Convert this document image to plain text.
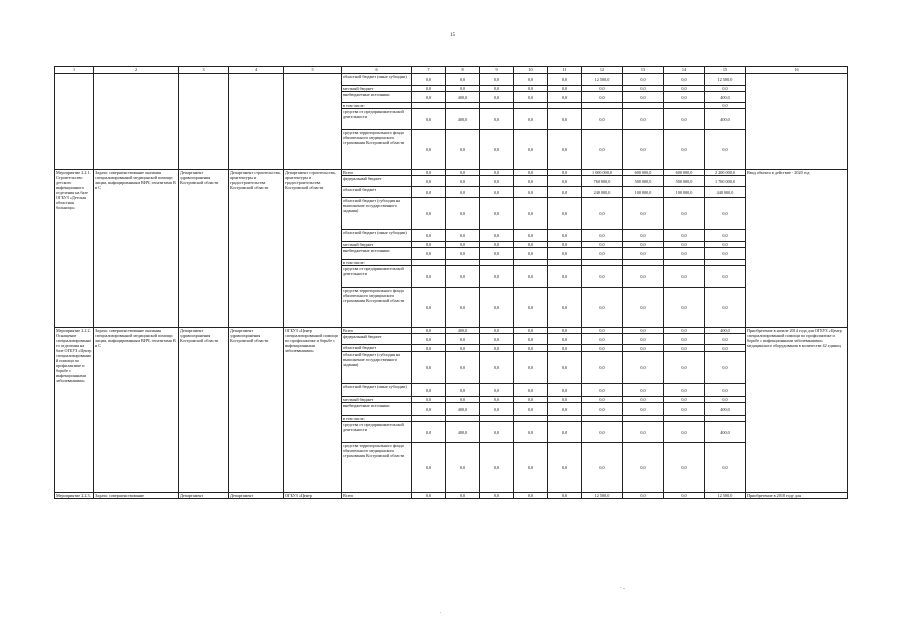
15
1	2	3	4	5	6	7	8	9	10	11	12	13	14	15	16
					областной бюджет (иные субсидии)	0,0	0,0	0,0	0,0	0,0	12 500,0	0,0	0,0	12 500,0	
					местный бюджет	0,0	0,0	0,0	0,0	0,0	0,0	0,0	0,0	0,0	
					внебюджетные источники	0,0	400,0	0,0	0,0	0,0	0,0	0,0	0,0	400,0	
					в том числе:									0,0	
					средства от предпринимательской деятельности	0,0	400,0	0,0	0,0	0,0	0,0	0,0	0,0	400,0	
					средства территориального фонда обязательного медицинского страхования Костромской области	0,0	0,0	0,0	0,0	0,0	0,0	0,0	0,0	0,0	
Мероприятие 2.2.1. Строительство детского инфекционного отделения на базе ОГБУЗ «Детская областная больница»	Задача: совершенствование оказания специализированной медицинской помощи лицам, инфицированным ВИЧ, гепатитами В и С	Департамент здравоохранения Костромской области	Департамент строительства, архитектуры и градостроительства Костромской области	Департамент строительства, архитектуры и градостроительства Костромской области	Всего	0,0	0,0	0,0	0,0	0,0	1 000 000,0	600 000,0	600 000,0	2 200 000,0	Ввод объекта в действие - 2020 год
					федеральный бюджет	0,0	0,0	0,0	0,0	0,0	760 000,0	500 000,0	500 000,0	1 760 000,0	
					областной бюджет	0,0	0,0	0,0	0,0	0,0	240 000,0	100 000,0	100 000,0	440 000,0	
					областной бюджет (субсидия на выполнение государственного задания)	0,0	0,0	0,0	0,0	0,0	0,0	0,0	0,0	0,0	
					областной бюджет (иные субсидии)	0,0	0,0	0,0	0,0	0,0	0,0	0,0	0,0	0,0	
					местный бюджет	0,0	0,0	0,0	0,0	0,0	0,0	0,0	0,0	0,0	
					внебюджетные источники	0,0	0,0	0,0	0,0	0,0	0,0	0,0	0,0	0,0	
					в том числе:										
					средства от предпринимательской деятельности	0,0	0,0	0,0	0,0	0,0	0,0	0,0	0,0	0,0	
					средства территориального фонда обязательного медицинского страхования Костромской области	0,0	0,0	0,0	0,0	0,0	0,0	0,0	0,0	0,0	
Мероприятие 2.2.2. Оснащение специализированного отделения на базе ОГБУЗ «Центр специализированной помощи по профилактике и борьбе с инфекционными заболеваниями»	Задача: совершенствование оказания специализированной медицинской помощи лицам, инфицированным ВИЧ, гепатитами В и С	Департамент здравоохранения Костромской области	Департамент здравоохранения Костромской области	ОГБУЗ «Центр специализированной помощи по профилактике и борьбе с инфекционными заболеваниями»	Всего	0,0	400,0	0,0	0,0	0,0	0,0	0,0	0,0	400,0	Приобретение в начале 2014 года для ОГБУЗ «Центр специализированной помощи по профилактике и борьбе с инфекционными заболеваниями» медицинского оборудования в количестве 42 единиц
					федеральный бюджет	0,0	0,0	0,0	0,0	0,0	0,0	0,0	0,0	0,0	
					областной бюджет	0,0	0,0	0,0	0,0	0,0	0,0	0,0	0,0	0,0	
					областной бюджет (субсидия на выполнение государственного задания)	0,0	0,0	0,0	0,0	0,0	0,0	0,0	0,0	0,0	
					областной бюджет (иные субсидии)	0,0	0,0	0,0	0,0	0,0	0,0	0,0	0,0	0,0	
					местный бюджет	0,0	0,0	0,0	0,0	0,0	0,0	0,0	0,0	0,0	
					внебюджетные источники	0,0	400,0	0,0	0,0	0,0	0,0	0,0	0,0	400,0	
					в том числе:										
					средства от предпринимательской деятельности	0,0	400,0	0,0	0,0	0,0	0,0	0,0	0,0	400,0	
					средства территориального фонда обязательного медицинского страхования Костромской области	0,0	0,0	0,0	0,0	0,0	0,0	0,0	0,0	0,0	
Мероприятие 2.2.3.	Задача: совершенствование	Департамент	Департамент	ОГБУЗ «Центр	Всего	0,0	0,0	0,0	0,0	0,0	12 500,0	0,0	0,0	12 500,0	Приобретение в 2018 году для
· ..
.
